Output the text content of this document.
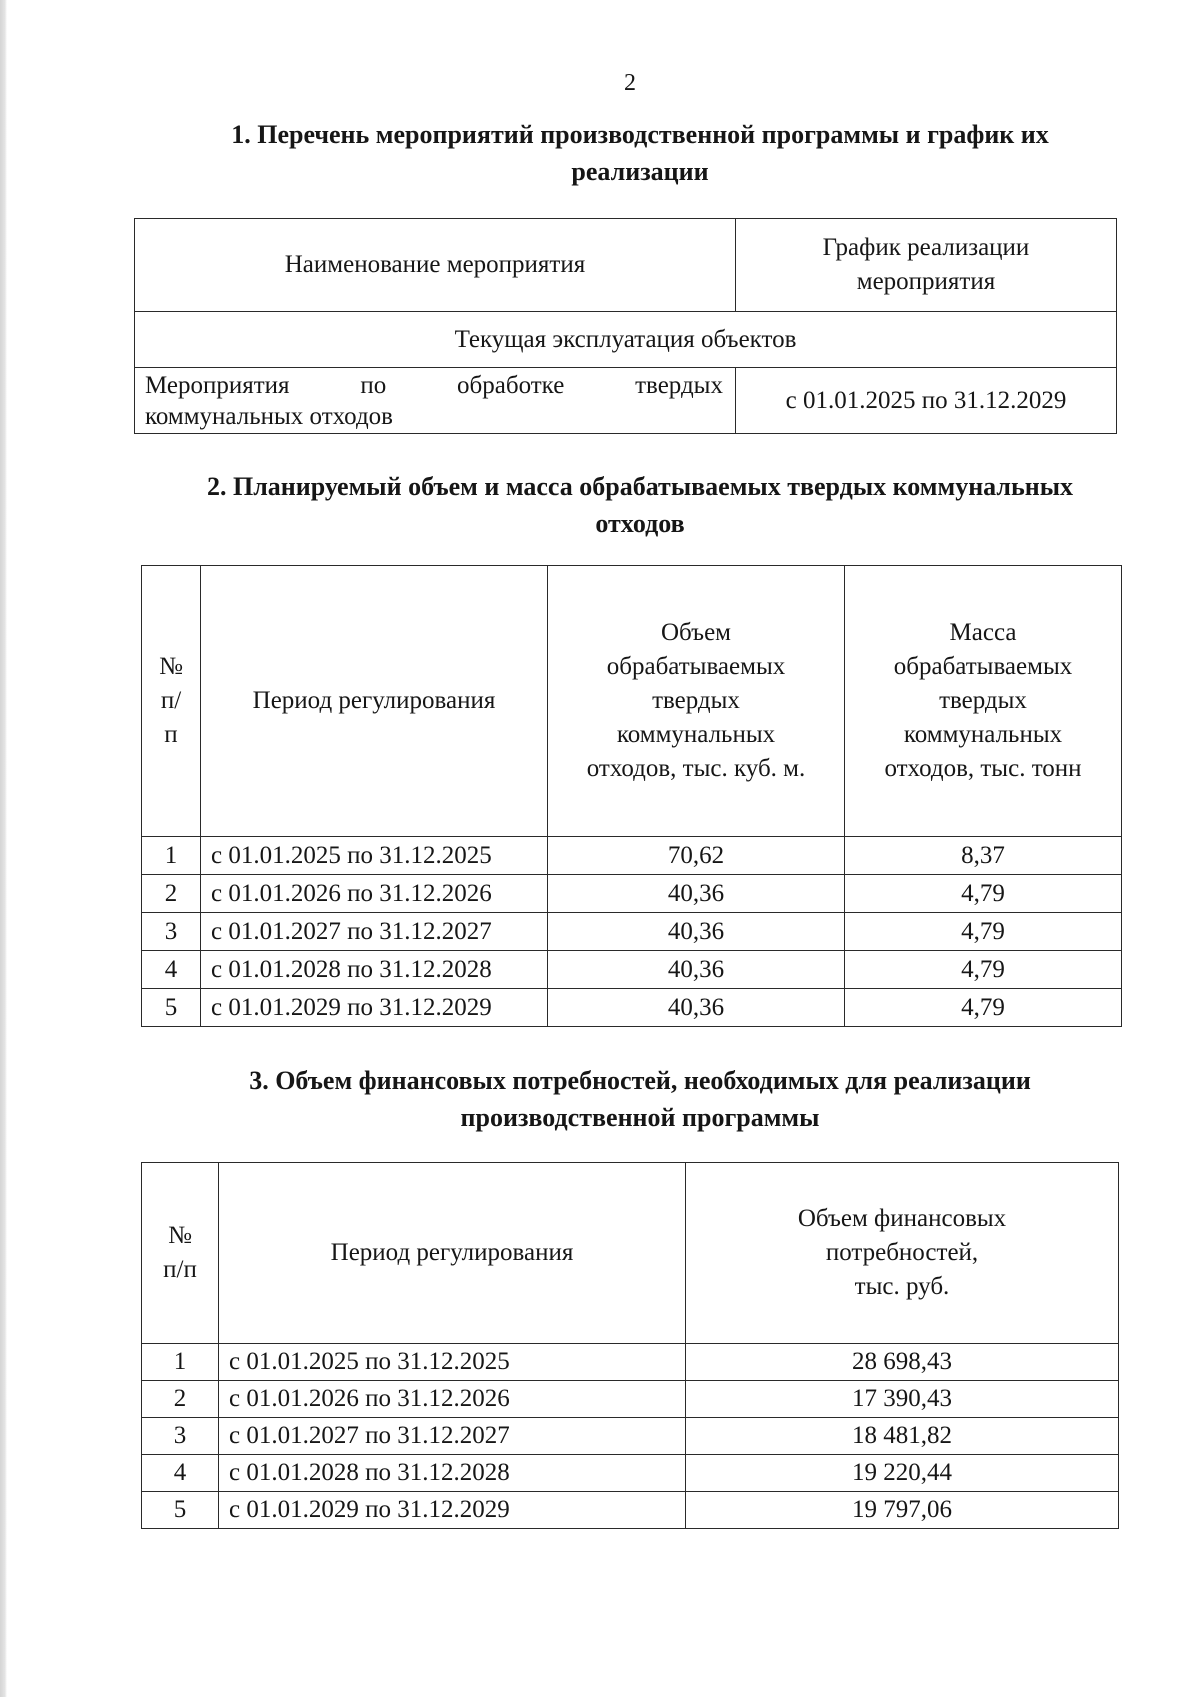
2
1. Перечень мероприятий производственной программы и график их
реализации
Наименование мероприятия	График реализации
мероприятия

Текущая эксплуатация объектов	

Мероприятия по обработке твердых
коммунальных отходов	с 01.01.2025 по 31.12.2029
2. Планируемый объем и масса обрабатываемых твердых коммунальных
отходов
№
п/
п	Период регулирования	Объем
обрабатываемых
твердых
коммунальных
отходов, тыс. куб. м.	Масса
обрабатываемых
твердых
коммунальных
отходов, тыс. тонн

1	с 01.01.2025 по 31.12.2025	70,62	8,37
2	с 01.01.2026 по 31.12.2026	40,36	4,79
3	с 01.01.2027 по 31.12.2027	40,36	4,79
4	с 01.01.2028 по 31.12.2028	40,36	4,79
5	с 01.01.2029 по 31.12.2029	40,36	4,79
3. Объем финансовых потребностей, необходимых для реализации
производственной программы
№
п/п	Период регулирования	Объем финансовых
потребностей,
тыс. руб.

1	с 01.01.2025 по 31.12.2025	28 698,43
2	с 01.01.2026 по 31.12.2026	17 390,43
3	с 01.01.2027 по 31.12.2027	18 481,82
4	с 01.01.2028 по 31.12.2028	19 220,44
5	с 01.01.2029 по 31.12.2029	19 797,06
